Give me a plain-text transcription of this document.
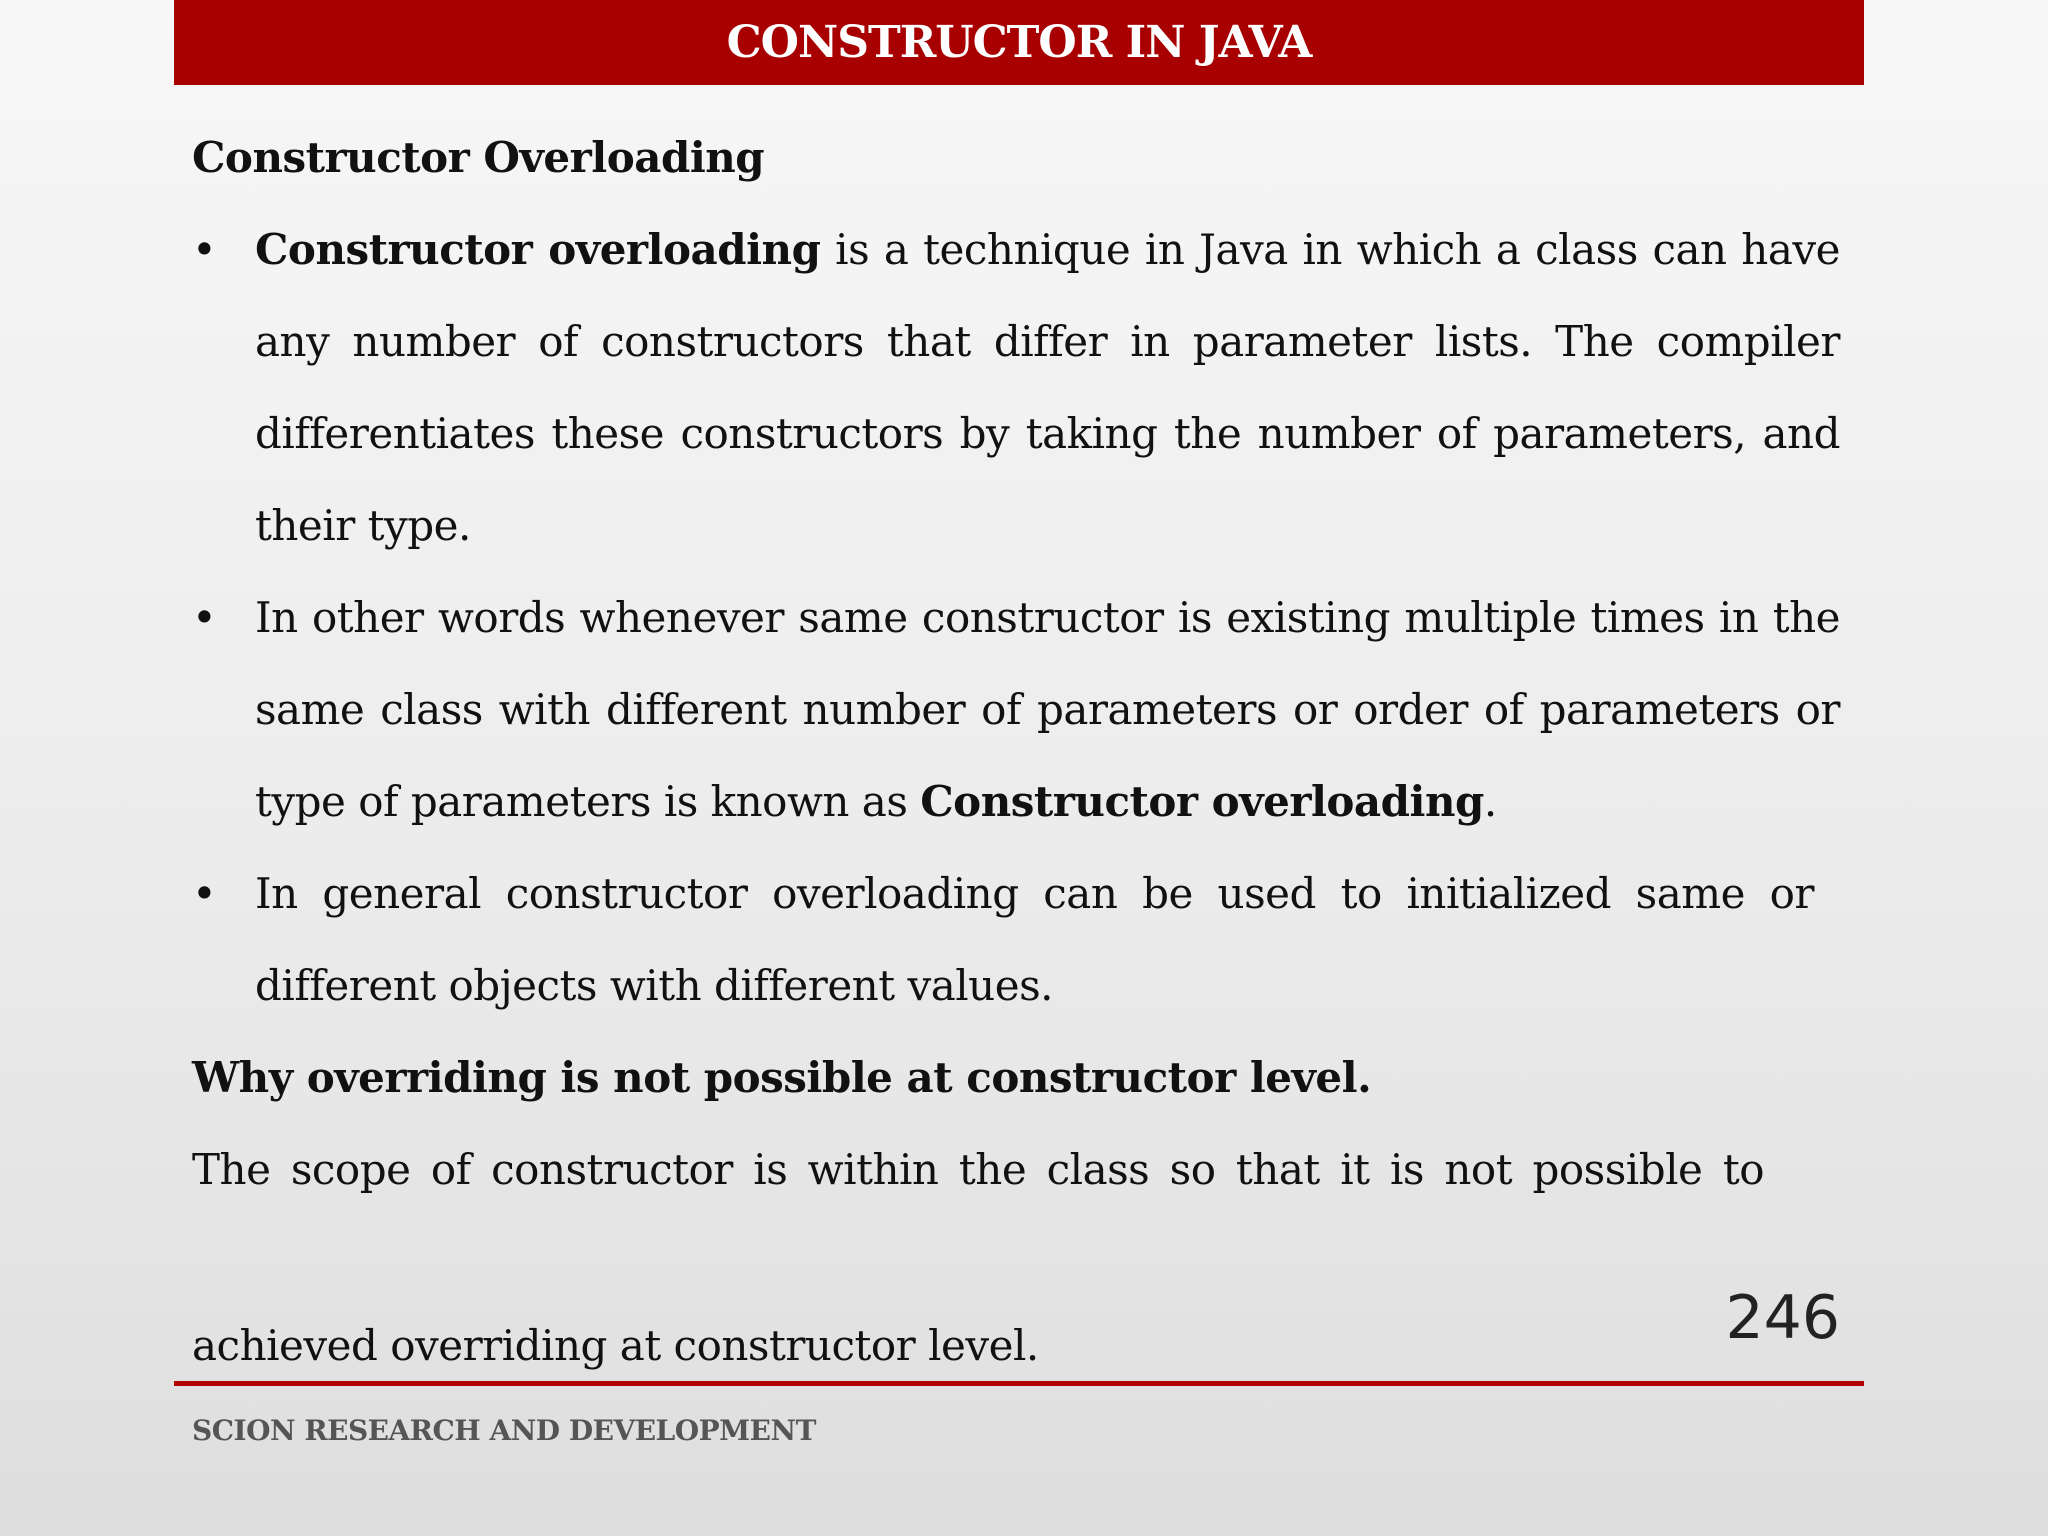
CONSTRUCTOR IN JAVA

Constructor Overloading

• Constructor overloading is a technique in Java in which a class can have any number of constructors that differ in parameter lists. The compiler differentiates these constructors by taking the number of parameters, and their type.
• In other words whenever same constructor is existing multiple times in the same class with different number of parameters or order of parameters or type of parameters is known as Constructor overloading.
• In general constructor overloading can be used to initialized same or different objects with different values.

Why overriding is not possible at constructor level.

The scope of constructor is within the class so that it is not possible to

achieved overriding at constructor level.	246
SCION RESEARCH AND DEVELOPMENT
